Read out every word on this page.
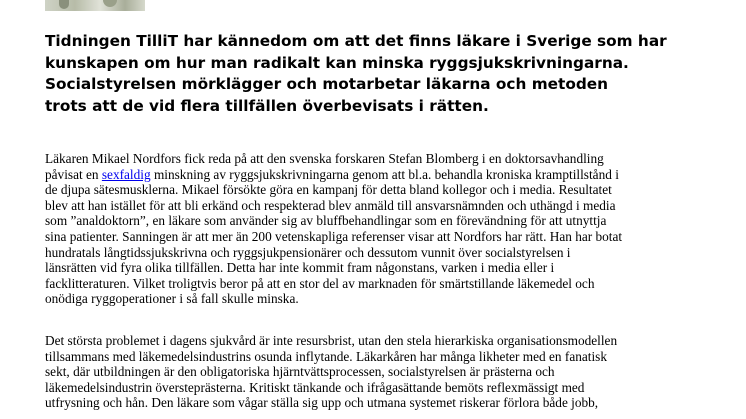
Tidningen TilliT har kännedom om att det finns läkare i Sverige som har
kunskapen om hur man radikalt kan minska ryggsjukskrivningarna.
Socialstyrelsen mörklägger och motarbetar läkarna och metoden
trots att de vid flera tillfällen överbevisats i rätten.

Läkaren Mikael Nordfors fick reda på att den svenska forskaren Stefan Blomberg i en doktorsavhandling
påvisat en sexfaldig minskning av ryggsjukskrivningarna genom att bl.a. behandla kroniska kramptillstånd i
de djupa sätesmusklerna. Mikael försökte göra en kampanj för detta bland kollegor och i media. Resultatet
blev att han istället för att bli erkänd och respekterad blev anmäld till ansvarsnämnden och uthängd i media
som ”analdoktorn”, en läkare som använder sig av bluffbehandlingar som en förevändning för att utnyttja
sina patienter. Sanningen är att mer än 200 vetenskapliga referenser visar att Nordfors har rätt. Han har botat
hundratals långtidssjukskrivna och ryggsjukpensionärer och dessutom vunnit över socialstyrelsen i
länsrätten vid fyra olika tillfällen. Detta har inte kommit fram någonstans, varken i media eller i
facklitteraturen. Vilket troligtvis beror på att en stor del av marknaden för smärtstillande läkemedel och
onödiga ryggoperationer i så fall skulle minska.

Det största problemet i dagens sjukvård är inte resursbrist, utan den stela hierarkiska organisationsmodellen
tillsammans med läkemedelsindustrins osunda inflytande. Läkarkåren har många likheter med en fanatisk
sekt, där utbildningen är den obligatoriska hjärntvättsprocessen, socialstyrelsen är prästerna och
läkemedelsindustrin översteprästerna. Kritiskt tänkande och ifrågasättande bemöts reflexmässigt med
utfrysning och hån. Den läkare som vågar ställa sig upp och utmana systemet riskerar förlora både jobb,
